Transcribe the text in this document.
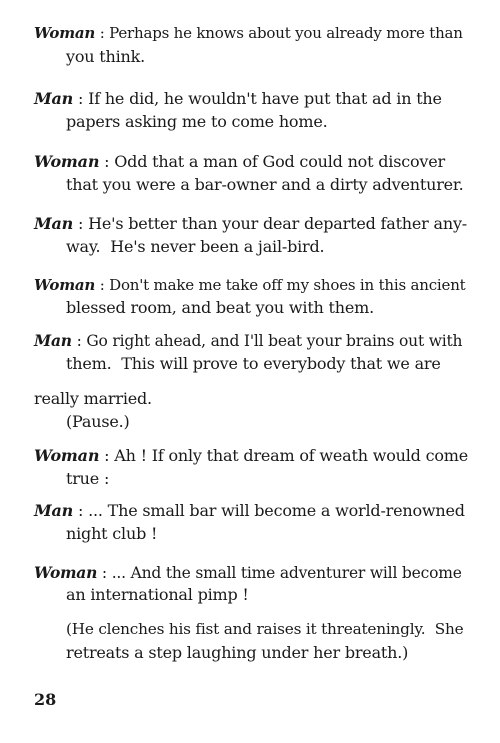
Woman : Perhaps he knows about you already more than
you think.
Man : If he did, he wouldn't have put that ad in the
papers asking me to come home.
Woman : Odd that a man of God could not discover
that you were a bar-owner and a dirty adventurer.
Man : He's better than your dear departed father any-
way.  He's never been a jail-bird.
Woman : Don't make me take off my shoes in this ancient
blessed room, and beat you with them.
Man : Go right ahead, and I'll beat your brains out with
them.  This will prove to everybody that we are
really married.
(Pause.)
Woman : Ah ! If only that dream of weath would come
true :
Man : ... The small bar will become a world-renowned
night club !
Woman : ... And the small time adventurer will become
an international pimp !
(He clenches his fist and raises it threateningly.  She
retreats a step laughing under her breath.)
28
